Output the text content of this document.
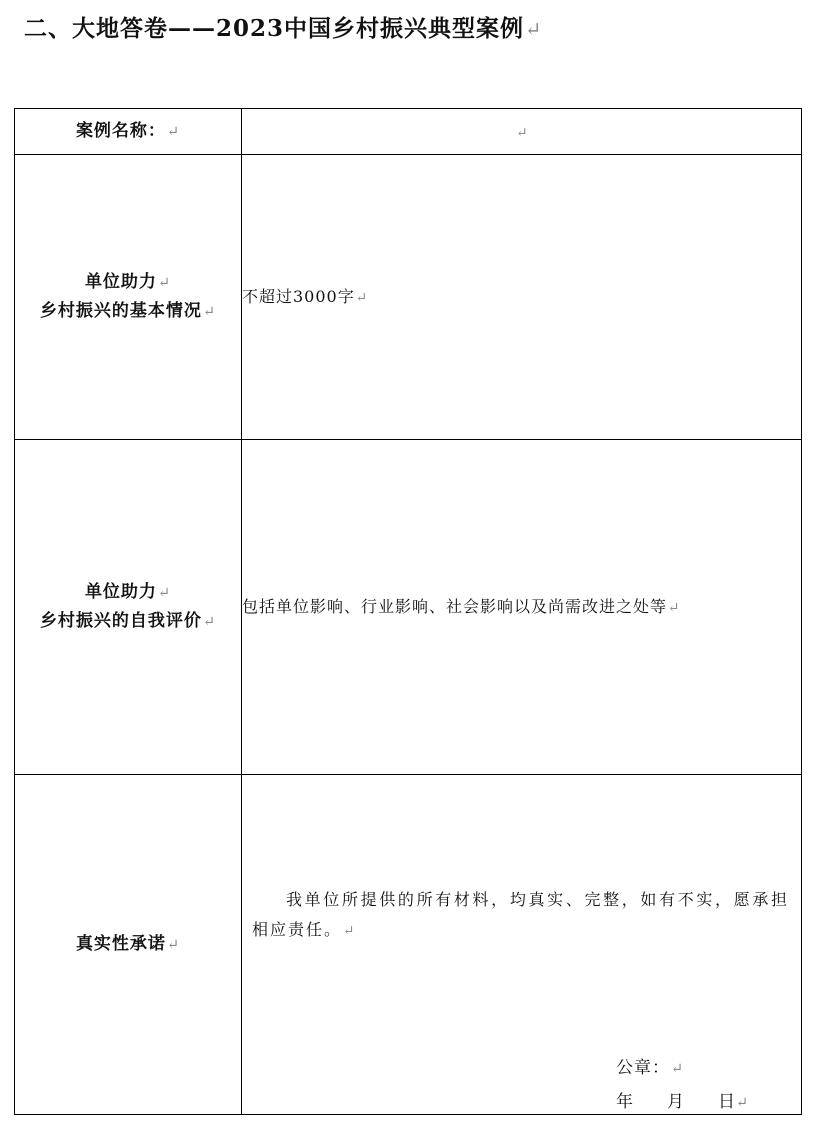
二、大地答卷——2023中国乡村振兴典型案例↵
案例名称：↵	↵

单位助力↵
乡村振兴的基本情况↵	不超过3000字↵

单位助力↵
乡村振兴的自我评价↵	包括单位影响、行业影响、社会影响以及尚需改进之处等↵
真实性承诺↵	我单位所提供的所有材料，均真实、完整，如有不实，愿承担相应责任。↵
公章：↵
年 月 日↵
